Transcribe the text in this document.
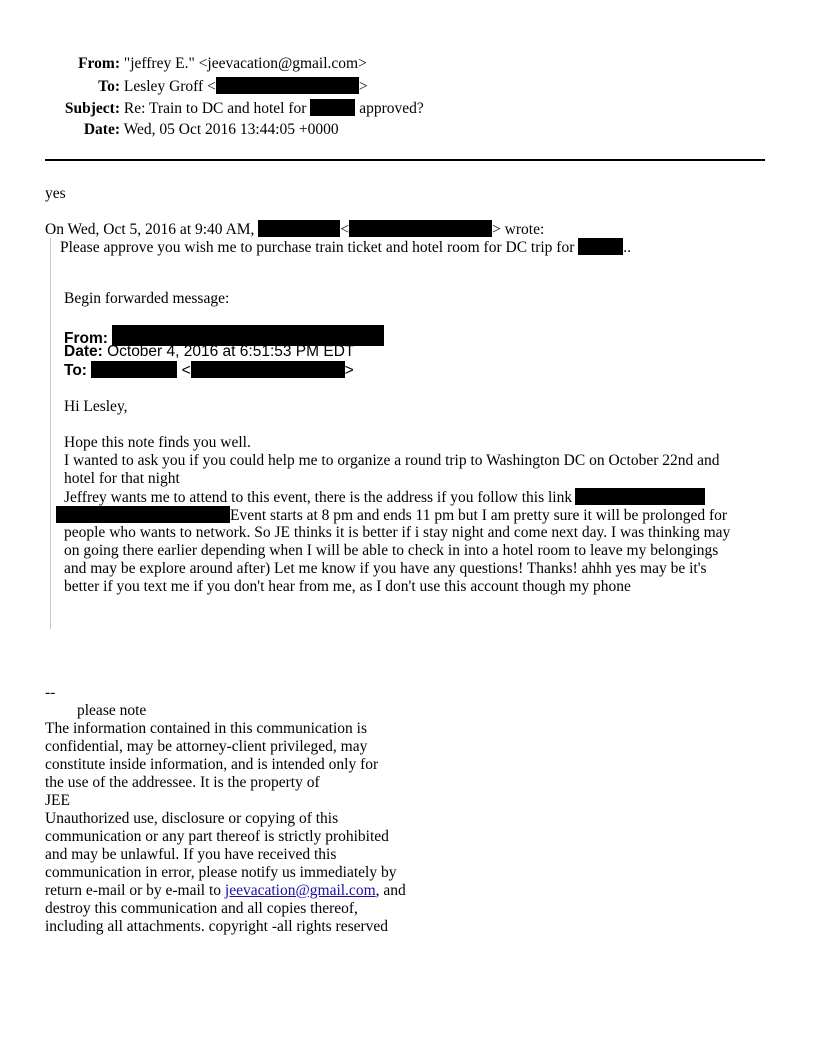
From: "jeffrey E." <jeevacation@gmail.com>
To: Lesley Groff <	>
Subject: Re: Train to DC and hotel for	approved?
Date: Wed, 05 Oct 2016 13:44:05 +0000
yes
On Wed, Oct 5, 2016 at 9:40 AM,	<	> wrote:
Please approve you wish me to purchase train ticket and hotel room for DC trip for	..
Begin forwarded message:
From:
Date: October 4, 2016 at 6:51:53 PM EDT
To:	<	>
Hi Lesley,
Hope this note finds you well.
I wanted to ask you if you could help me to organize a round trip to Washington DC on October 22nd and
hotel for that night
Jeffrey wants me to attend to this event, there is the address if you follow this link
Event starts at 8 pm and ends 11 pm but I am pretty sure it will be prolonged for
people who wants to network. So JE thinks it is better if i stay night and come next day. I was thinking may
on going there earlier depending when I will be able to check in into a hotel room to leave my belongings
and may be explore around after) Let me know if you have any questions! Thanks! ahhh yes may be it's
better if you text me if you don't hear from me, as I don't use this account though my phone
--
please note
The information contained in this communication is
confidential, may be attorney-client privileged, may
constitute inside information, and is intended only for
the use of the addressee. It is the property of
JEE
Unauthorized use, disclosure or copying of this
communication or any part thereof is strictly prohibited
and may be unlawful. If you have received this
communication in error, please notify us immediately by
return e-mail or by e-mail to jeevacation@gmail.com, and
destroy this communication and all copies thereof,
including all attachments. copyright -all rights reserved
